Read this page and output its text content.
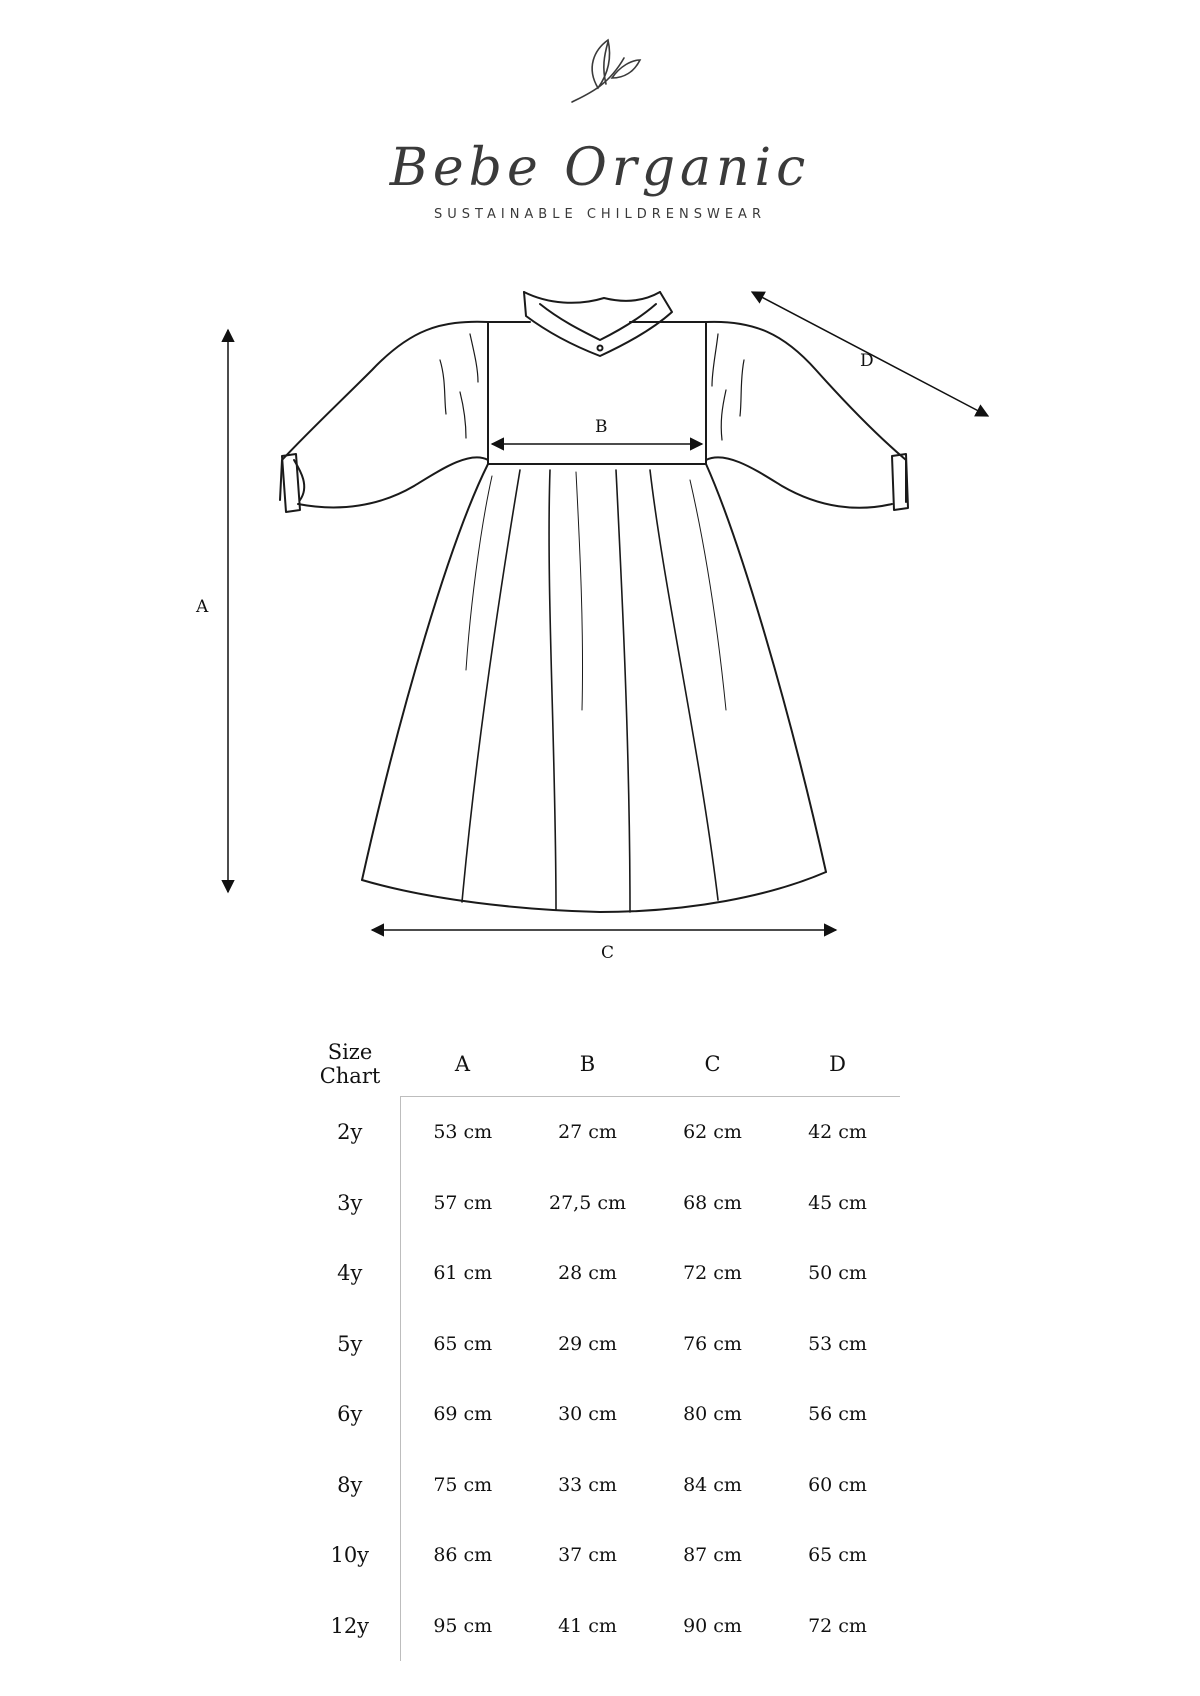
Bebe Organic
SUSTAINABLE CHILDRENSWEAR
A
B
C
D
Size
Chart	A	B	C	D
2y	53 cm	27 cm	62 cm	42 cm
3y	57 cm	27,5 cm	68 cm	45 cm
4y	61 cm	28 cm	72 cm	50 cm
5y	65 cm	29 cm	76 cm	53 cm
6y	69 cm	30 cm	80 cm	56 cm
8y	75 cm	33 cm	84 cm	60 cm
10y	86 cm	37 cm	87 cm	65 cm
12y	95 cm	41 cm	90 cm	72 cm
